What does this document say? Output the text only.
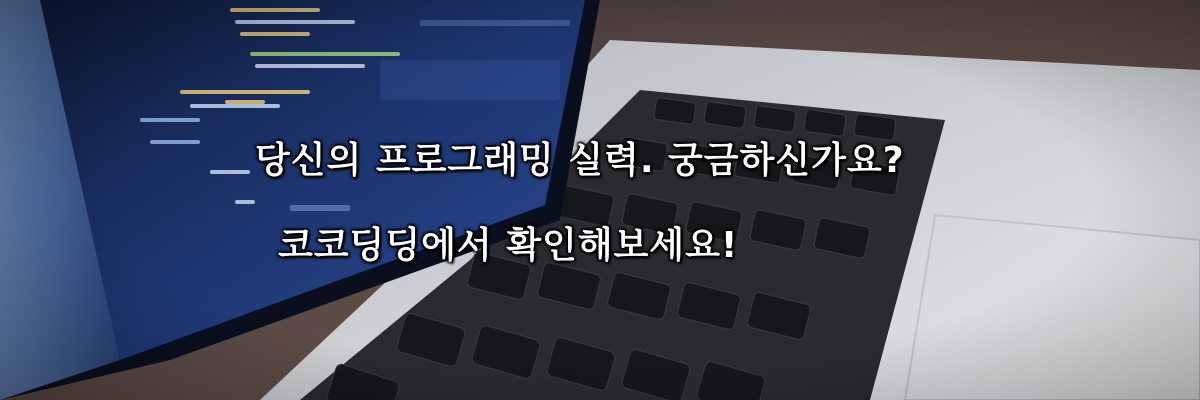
당신의 프로그래밍 실력. 궁금하신가요?
코코딩딩에서 확인해보세요!
